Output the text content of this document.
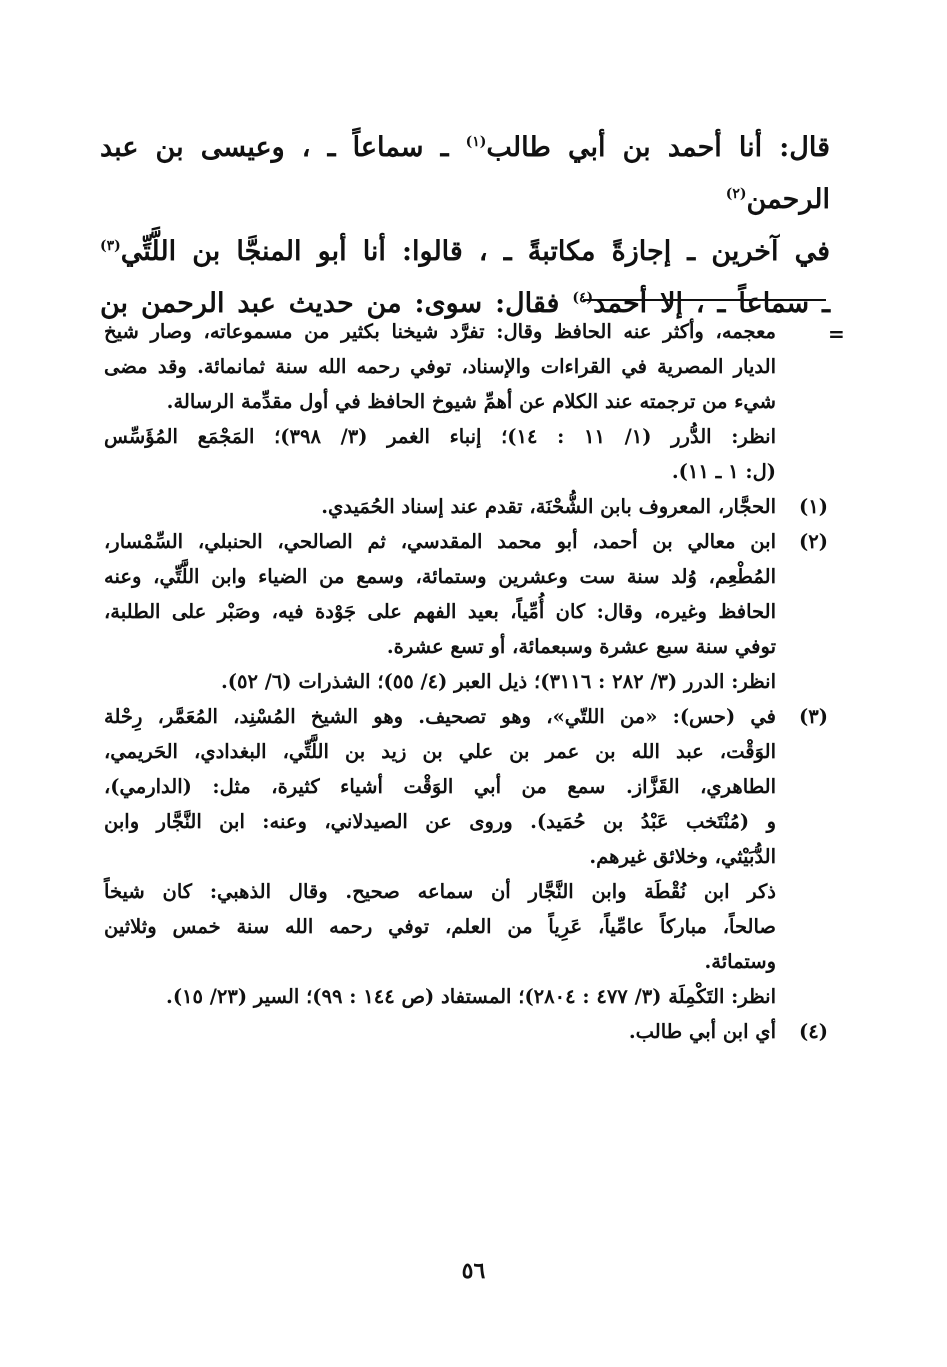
قال: أنا أحمد بن أبي طالب$^{(١)}$ ـ سماعاً ـ ، وعيسى بن عبد الرحمن$^{(٢)}$

في آخرين ـ إجازةً مكاتبةً ـ ، قالوا: أنا أبو المنجَّا بن اللَّتِّي$^{(٣)}$

ـ سماعاً ـ ، إلا أحمد$^{(٤)}$ فقال: سوى: من حديث عبد الرحمن بن

=

معجمه، وأكثر عنه الحافظ وقال: تفرَّد شيخنا بكثير من مسموعاته، وصار شيخ

الديار المصرية في القراءات والإسناد، توفي رحمه الله سنة ثمانمائة. وقد مضى

شيء من ترجمته عند الكلام عن أهمِّ شيوخ الحافظ في أول مقدِّمة الرسالة.

انظر: الدُّرر (١/ ١١ : ١٤)؛ إنباء الغمر (٣/ ٣٩٨)؛ المَجْمَع المُؤَسِّس

(ل: ١ ـ ١١).

(١)

الحجَّار، المعروف بابن الشُّحْنَة، تقدم عند إسناد الحُمَيدي.

(٢)

ابن معالي بن أحمد، أبو محمد المقدسي، ثم الصالحي، الحنبلي، السِّمْسار،

المُطْعِم، وُلد سنة ست وعشرين وستمائة، وسمع من الضياء وابن اللَّتِّي، وعنه

الحافظ وغيره، وقال: كان أُمِّياً، بعيد الفهم على جَوْدة فيه، وصَبْر على الطلبة،

توفي سنة سبع عشرة وسبعمائة، أو تسع عشرة.

انظر: الدرر (٣/ ٢٨٢ : ٣١١٦)؛ ذيل العبر (٤/ ٥٥)؛ الشذرات (٦/ ٥٢).

(٣)

في (حس): «من اللتّي»، وهو تصحيف. وهو الشيخ المُسْنِد، المُعَمَّر، رِحْلة

الوَقْت، عبد الله بن عمر بن علي بن زيد بن اللَّتِّي، البغدادي، الحَريمي،

الطاهري، القَزَّاز. سمع من أبي الوَقْت أشياء كثيرة، مثل: (الدارمي)،

و (مُنْتَخب عَبْدُ بن حُمَيد). وروى عن الصيدلاني، وعنه: ابن النَّجَّار وابن

الدُّبَيْثي، وخلائق غيرهم.

ذكر ابن نُقْطَة وابن النَّجَّار أن سماعه صحيح. وقال الذهبي: كان شيخاً

صالحاً، مباركاً عامِّياً، عَرِياً من العلم، توفي رحمه الله سنة خمس وثلاثين

وستمائة.

انظر: التَكْمِلَة (٣/ ٤٧٧ : ٢٨٠٤)؛ المستفاد (ص ١٤٤ : ٩٩)؛ السير (٢٣/ ١٥).

(٤)

أي ابن أبي طالب.

٥٦
